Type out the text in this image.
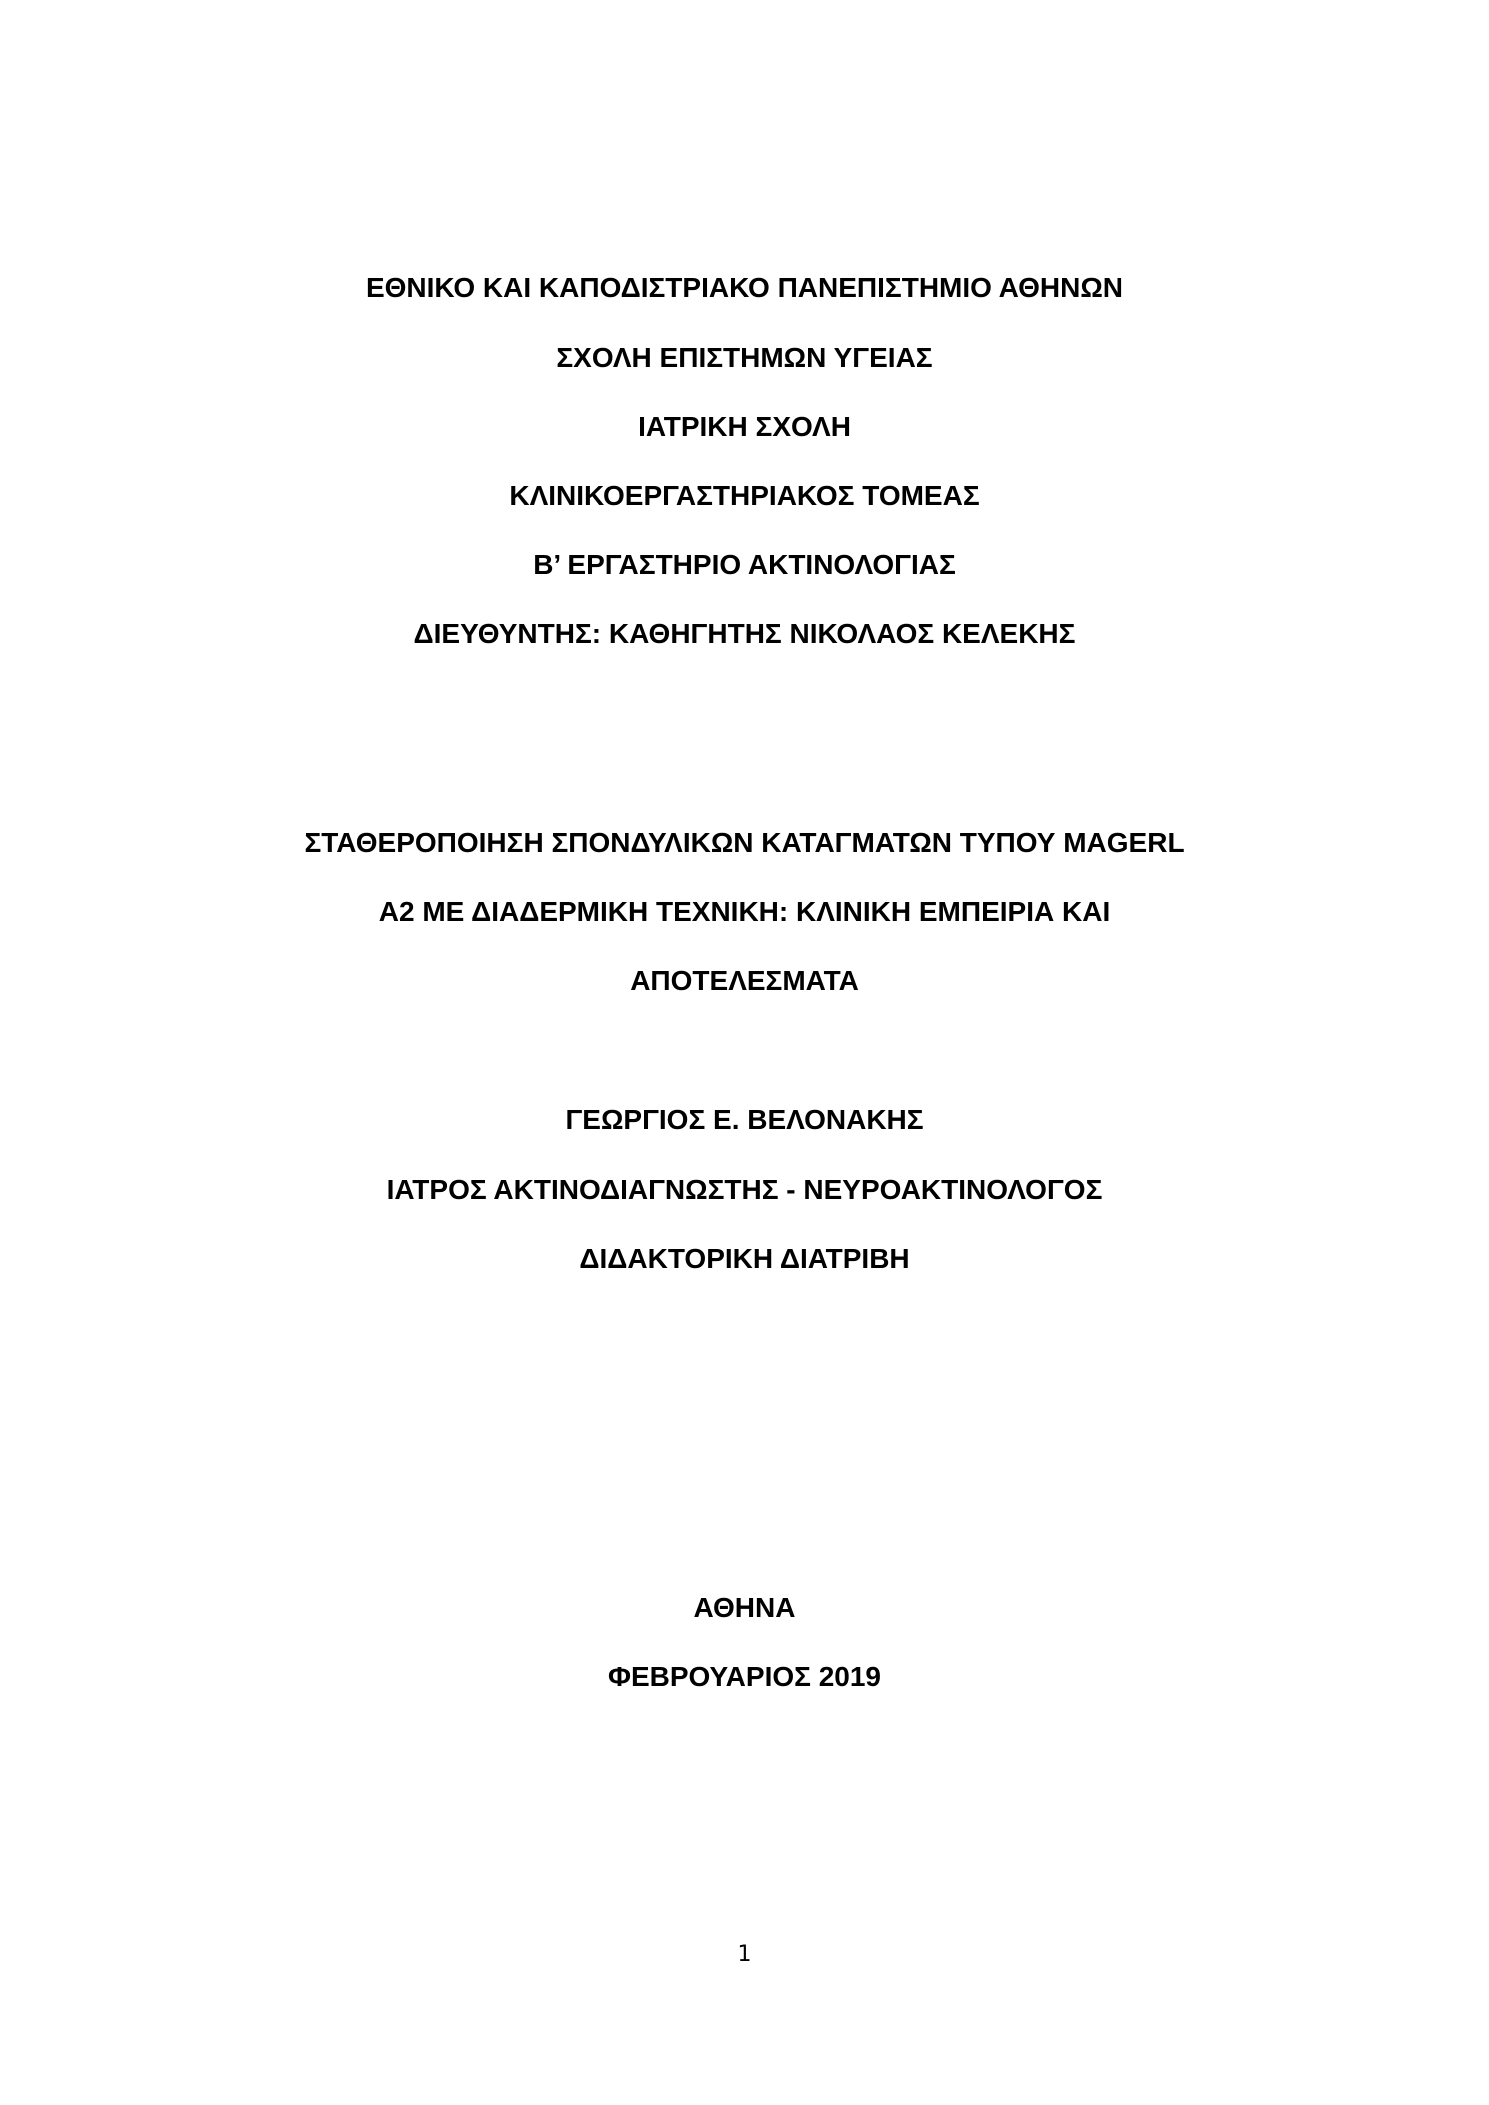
ΕΘΝΙΚΟ ΚΑΙ ΚΑΠΟΔΙΣΤΡΙΑΚΟ ΠΑΝΕΠΙΣΤΗΜΙΟ ΑΘΗΝΩΝ
ΣΧΟΛΗ ΕΠΙΣΤΗΜΩΝ ΥΓΕΙΑΣ
ΙΑΤΡΙΚΗ ΣΧΟΛΗ
ΚΛΙΝΙΚΟΕΡΓΑΣΤΗΡΙΑΚΟΣ ΤΟΜΕΑΣ
Β’ ΕΡΓΑΣΤΗΡΙΟ ΑΚΤΙΝΟΛΟΓΙΑΣ
ΔΙΕΥΘΥΝΤΗΣ: ΚΑΘΗΓΗΤΗΣ ΝΙΚΟΛΑΟΣ ΚΕΛΕΚΗΣ
ΣΤΑΘΕΡΟΠΟΙΗΣΗ ΣΠΟΝΔΥΛΙΚΩΝ ΚΑΤΑΓΜΑΤΩΝ ΤΥΠΟΥ MAGERL
Α2 ΜΕ ΔΙΑΔΕΡΜΙΚΗ ΤΕΧΝΙΚΗ: ΚΛΙΝΙΚΗ ΕΜΠΕΙΡΙΑ ΚΑΙ
ΑΠΟΤΕΛΕΣΜΑΤΑ
ΓΕΩΡΓΙΟΣ Ε. ΒΕΛΟΝΑΚΗΣ
ΙΑΤΡΟΣ ΑΚΤΙΝΟΔΙΑΓΝΩΣΤΗΣ - ΝΕΥΡΟΑΚΤΙΝΟΛΟΓΟΣ
ΔΙΔΑΚΤΟΡΙΚΗ ΔΙΑΤΡΙΒΗ
ΑΘΗΝΑ
ΦΕΒΡΟΥΑΡΙΟΣ 2019
1
